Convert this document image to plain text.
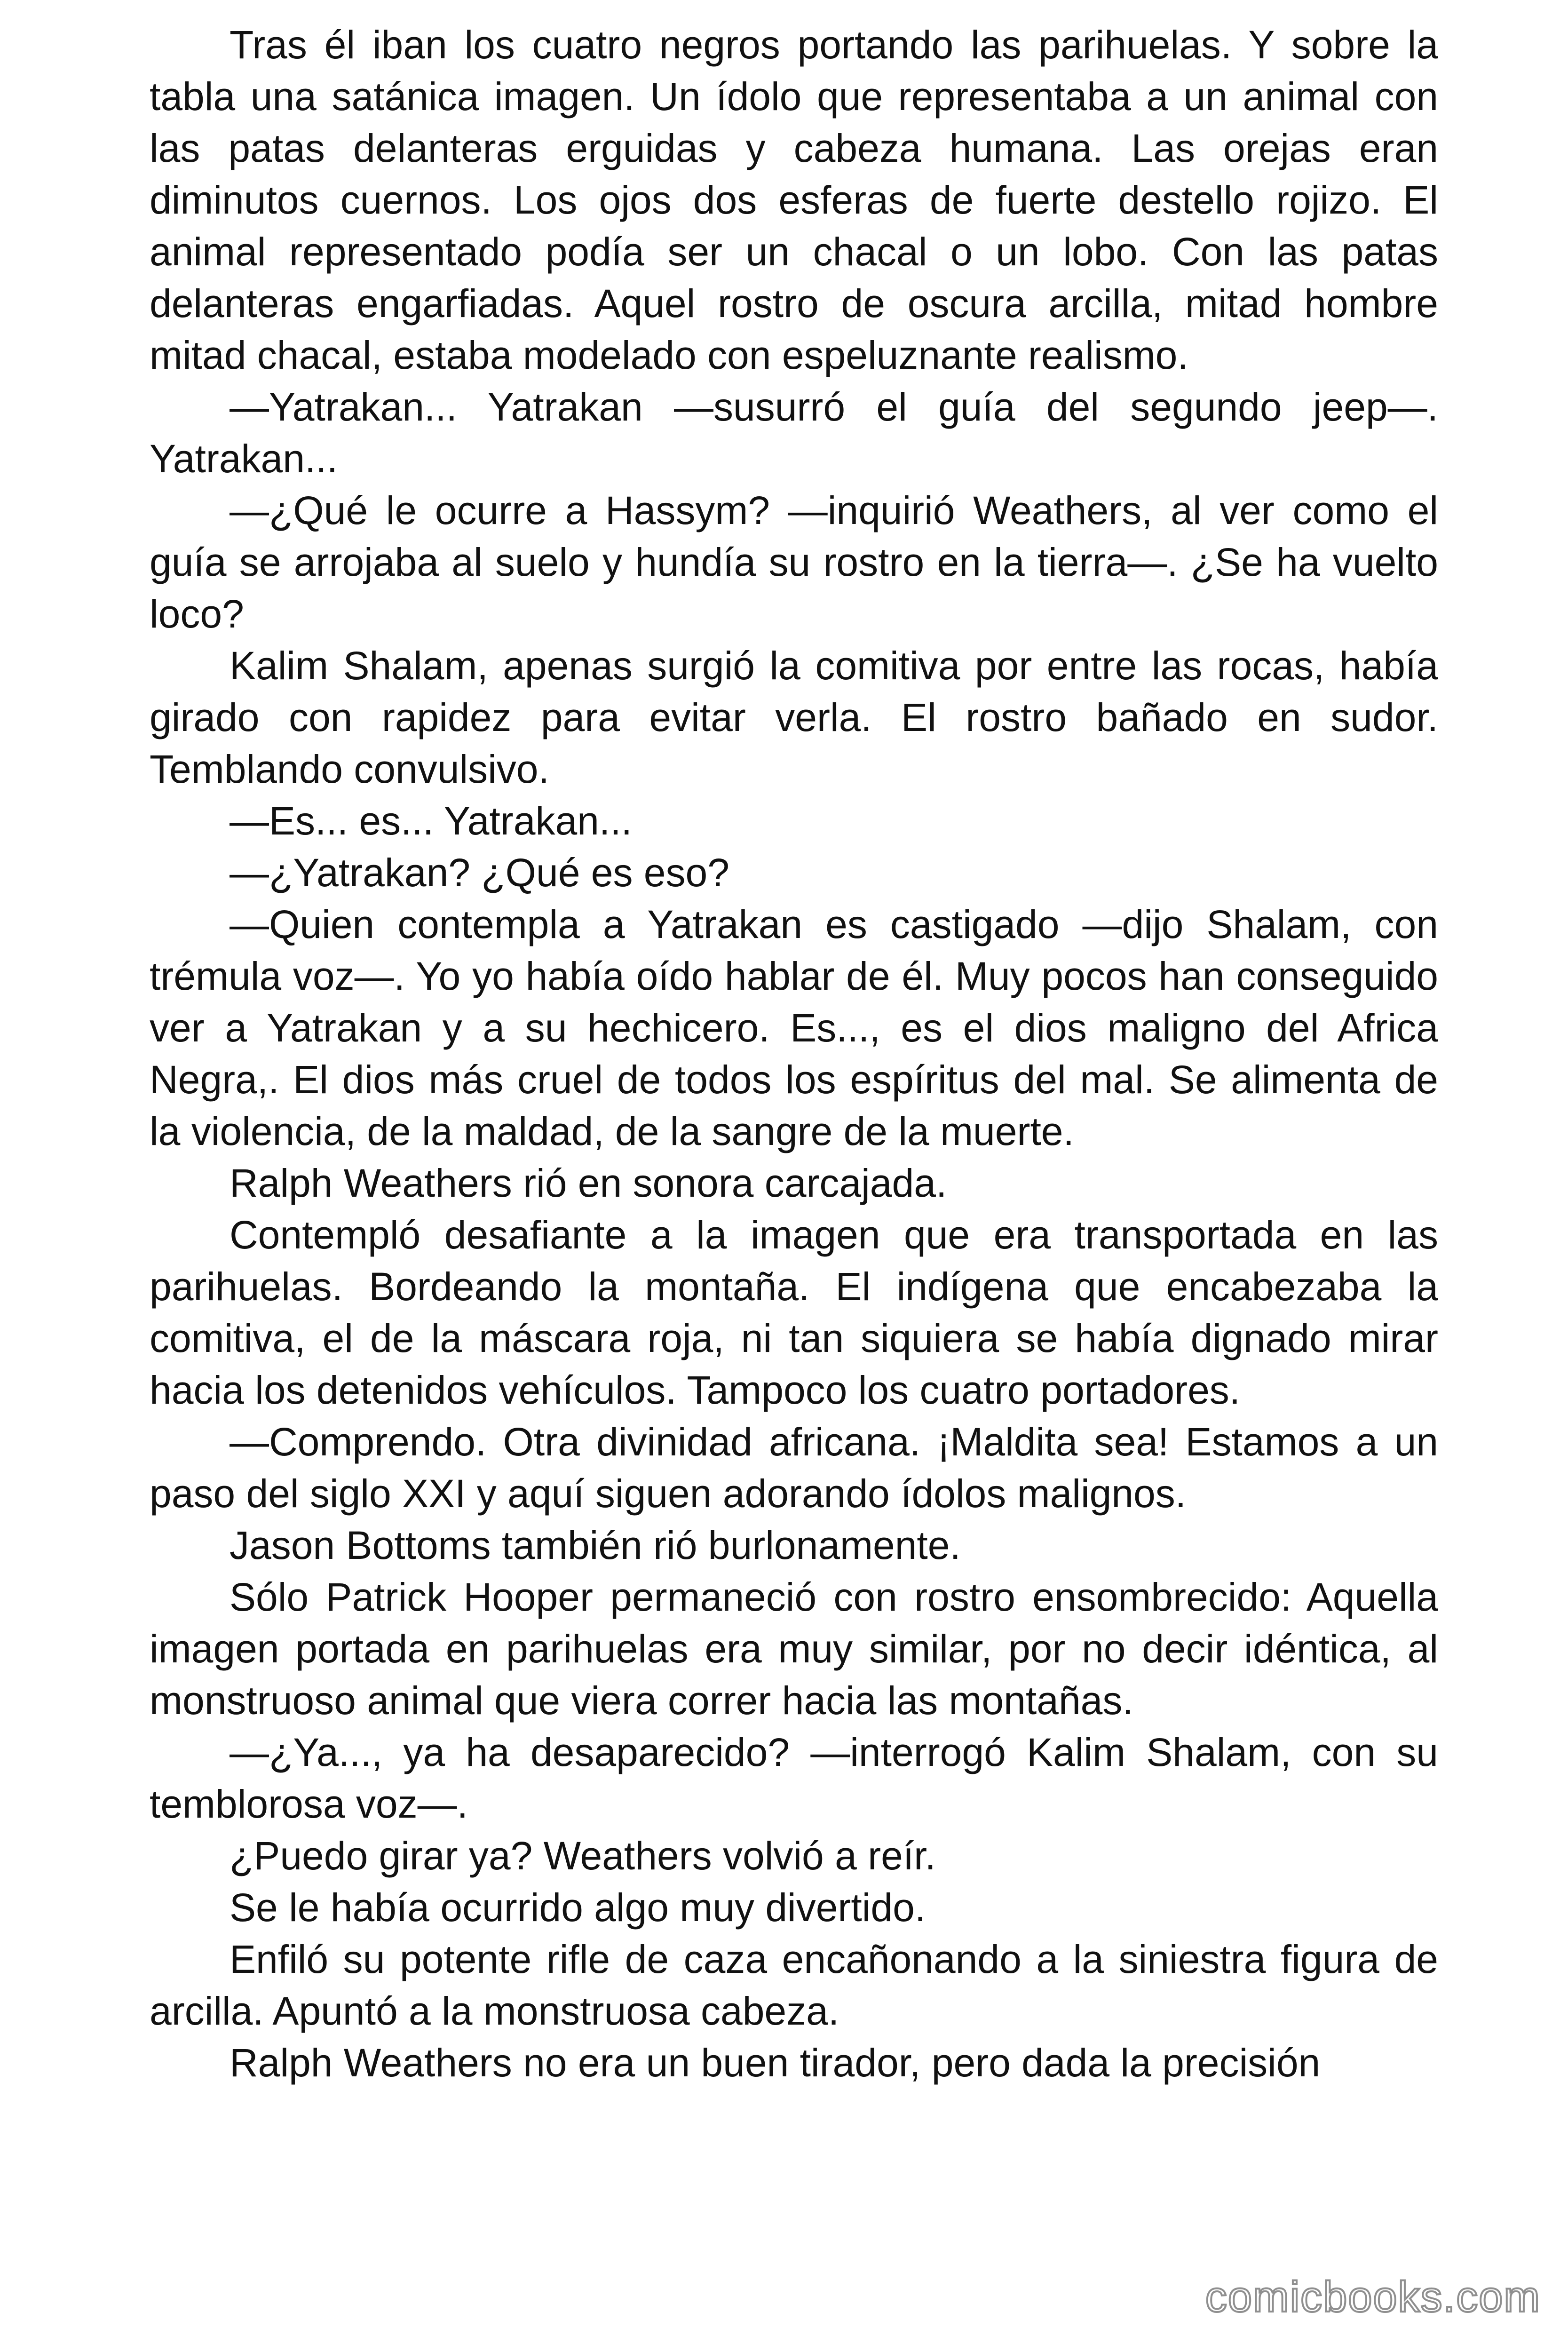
Tras él iban los cuatro negros portando las parihuelas. Y sobre la tabla una satánica imagen. Un ídolo que representaba a un animal con las patas delanteras erguidas y cabeza humana. Las orejas eran diminutos cuernos. Los ojos dos esferas de fuerte destello rojizo. El animal representado podía ser un chacal o un lobo. Con las patas delanteras engarfiadas. Aquel rostro de oscura arcilla, mitad hombre mitad chacal, estaba modelado con espeluznante realismo.

—Yatrakan... Yatrakan —susurró el guía del segundo jeep—. Yatrakan...

—¿Qué le ocurre a Hassym? —inquirió Weathers, al ver como el guía se arrojaba al suelo y hundía su rostro en la tierra—. ¿Se ha vuelto loco?

Kalim Shalam, apenas surgió la comitiva por entre las rocas, había girado con rapidez para evitar verla. El rostro bañado en sudor. Temblando convulsivo.

—Es... es... Yatrakan...

—¿Yatrakan? ¿Qué es eso?

—Quien contempla a Yatrakan es castigado —dijo Shalam, con trémula voz—. Yo yo había oído hablar de él. Muy pocos han conseguido ver a Yatrakan y a su hechicero. Es..., es el dios maligno del Africa Negra,. El dios más cruel de todos los espíritus del mal. Se alimenta de la violencia, de la maldad, de la sangre de la muerte.

Ralph Weathers rió en sonora carcajada.

Contempló desafiante a la imagen que era transportada en las parihuelas. Bordeando la montaña. El indígena que encabezaba la comitiva, el de la máscara roja, ni tan siquiera se había dignado mirar hacia los detenidos vehículos. Tampoco los cuatro portadores.

—Comprendo. Otra divinidad africana. ¡Maldita sea! Estamos a un paso del siglo XXI y aquí siguen adorando ídolos malignos.

Jason Bottoms también rió burlonamente.

Sólo Patrick Hooper permaneció con rostro ensombrecido: Aquella imagen portada en parihuelas era muy similar, por no decir idéntica, al monstruoso animal que viera correr hacia las montañas.

—¿Ya..., ya ha desaparecido? —interrogó Kalim Shalam, con su temblorosa voz—.

¿Puedo girar ya? Weathers volvió a reír.

Se le había ocurrido algo muy divertido.

Enfiló su potente rifle de caza encañonando a la siniestra figura de arcilla. Apuntó a la monstruosa cabeza.

Ralph Weathers no era un buen tirador, pero dada la precisión

comicbooks.com
